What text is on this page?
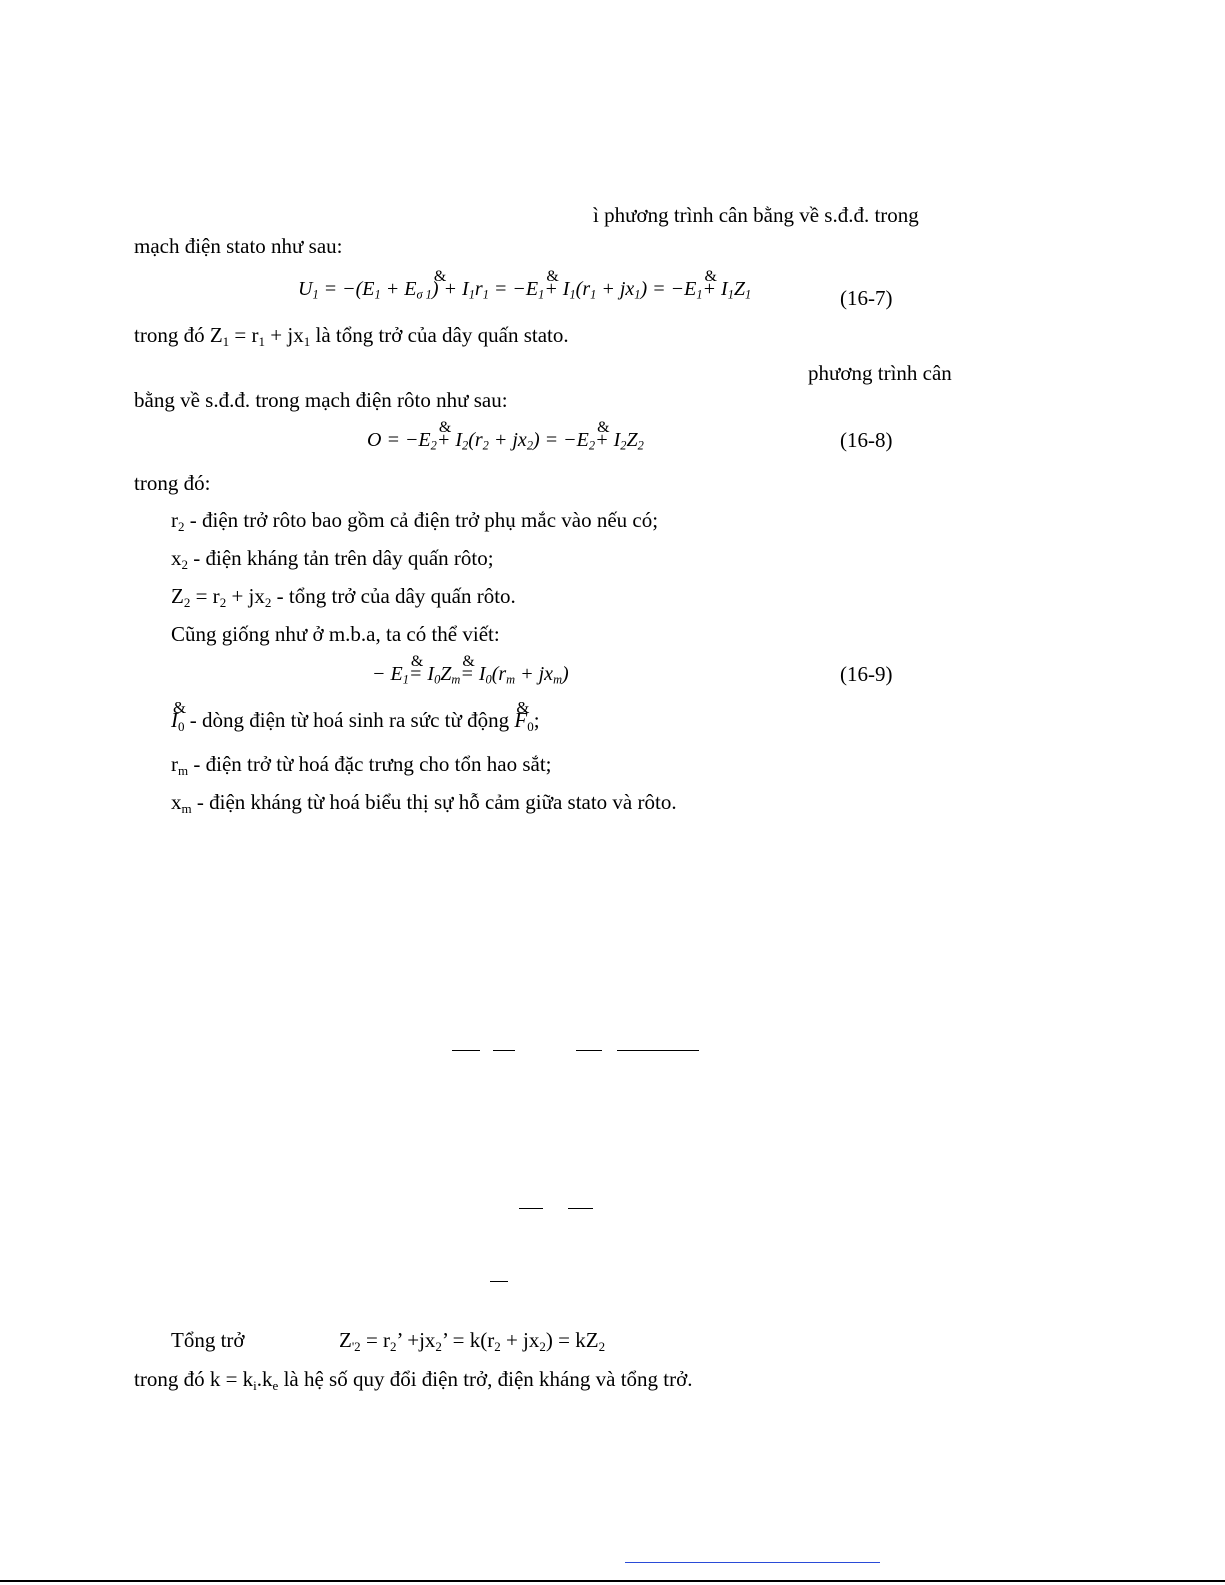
ì phương trình cân bằng về s.đ.đ. trong
mạch điện stato như sau:
$U_1 = -(E_1 + E_{\sigma 1}) + I$ $\&_1r_1 = -E_1+ I$ $\&_1(r_1 + jx_1) = -E_1+ I$ $\&_1Z_1$	(16-7)
trong đó $Z_1 = r_1 + jx_1$ là tổng trở của dây quấn stato.
phương trình cân
bằng về s.đ.đ. trong mạch điện rôto như sau:
$O = -E_2+ I$ $\&_2(r_2 + jx_2) = -E_2+ I$ $\&_2Z_2$	(16-8)
trong đó:
$r_2$ - điện trở rôto bao gồm cả điện trở phụ mắc vào nếu có;
$x_2$ - điện kháng tản trên dây quấn rôto;
$Z_2 = r_2 + jx_2$ - tổng trở của dây quấn rôto.
Cũng giống như ở m.b.a, ta có thể viết:
− $E_1= I$ $\&_0Z_m= I$ $\&_0(r_m + jx_m)$	(16-9)
I $\&_0$ - dòng điện từ hoá sinh ra sức từ động F $\&_0$;
$r_m$ - điện trở từ hoá đặc trưng cho tổn hao sắt;
$x_m$ - điện kháng từ hoá biểu thị sự hỗ cảm giữa stato và rôto.
Tổng trở	$Z_{'2} = r_2$’ $+jx_2$’ = $k(r_2 + jx_2) = kZ_2$
trong đó $k = k_i.k_e$ là hệ số quy đổi điện trở, điện kháng và tổng trở.
